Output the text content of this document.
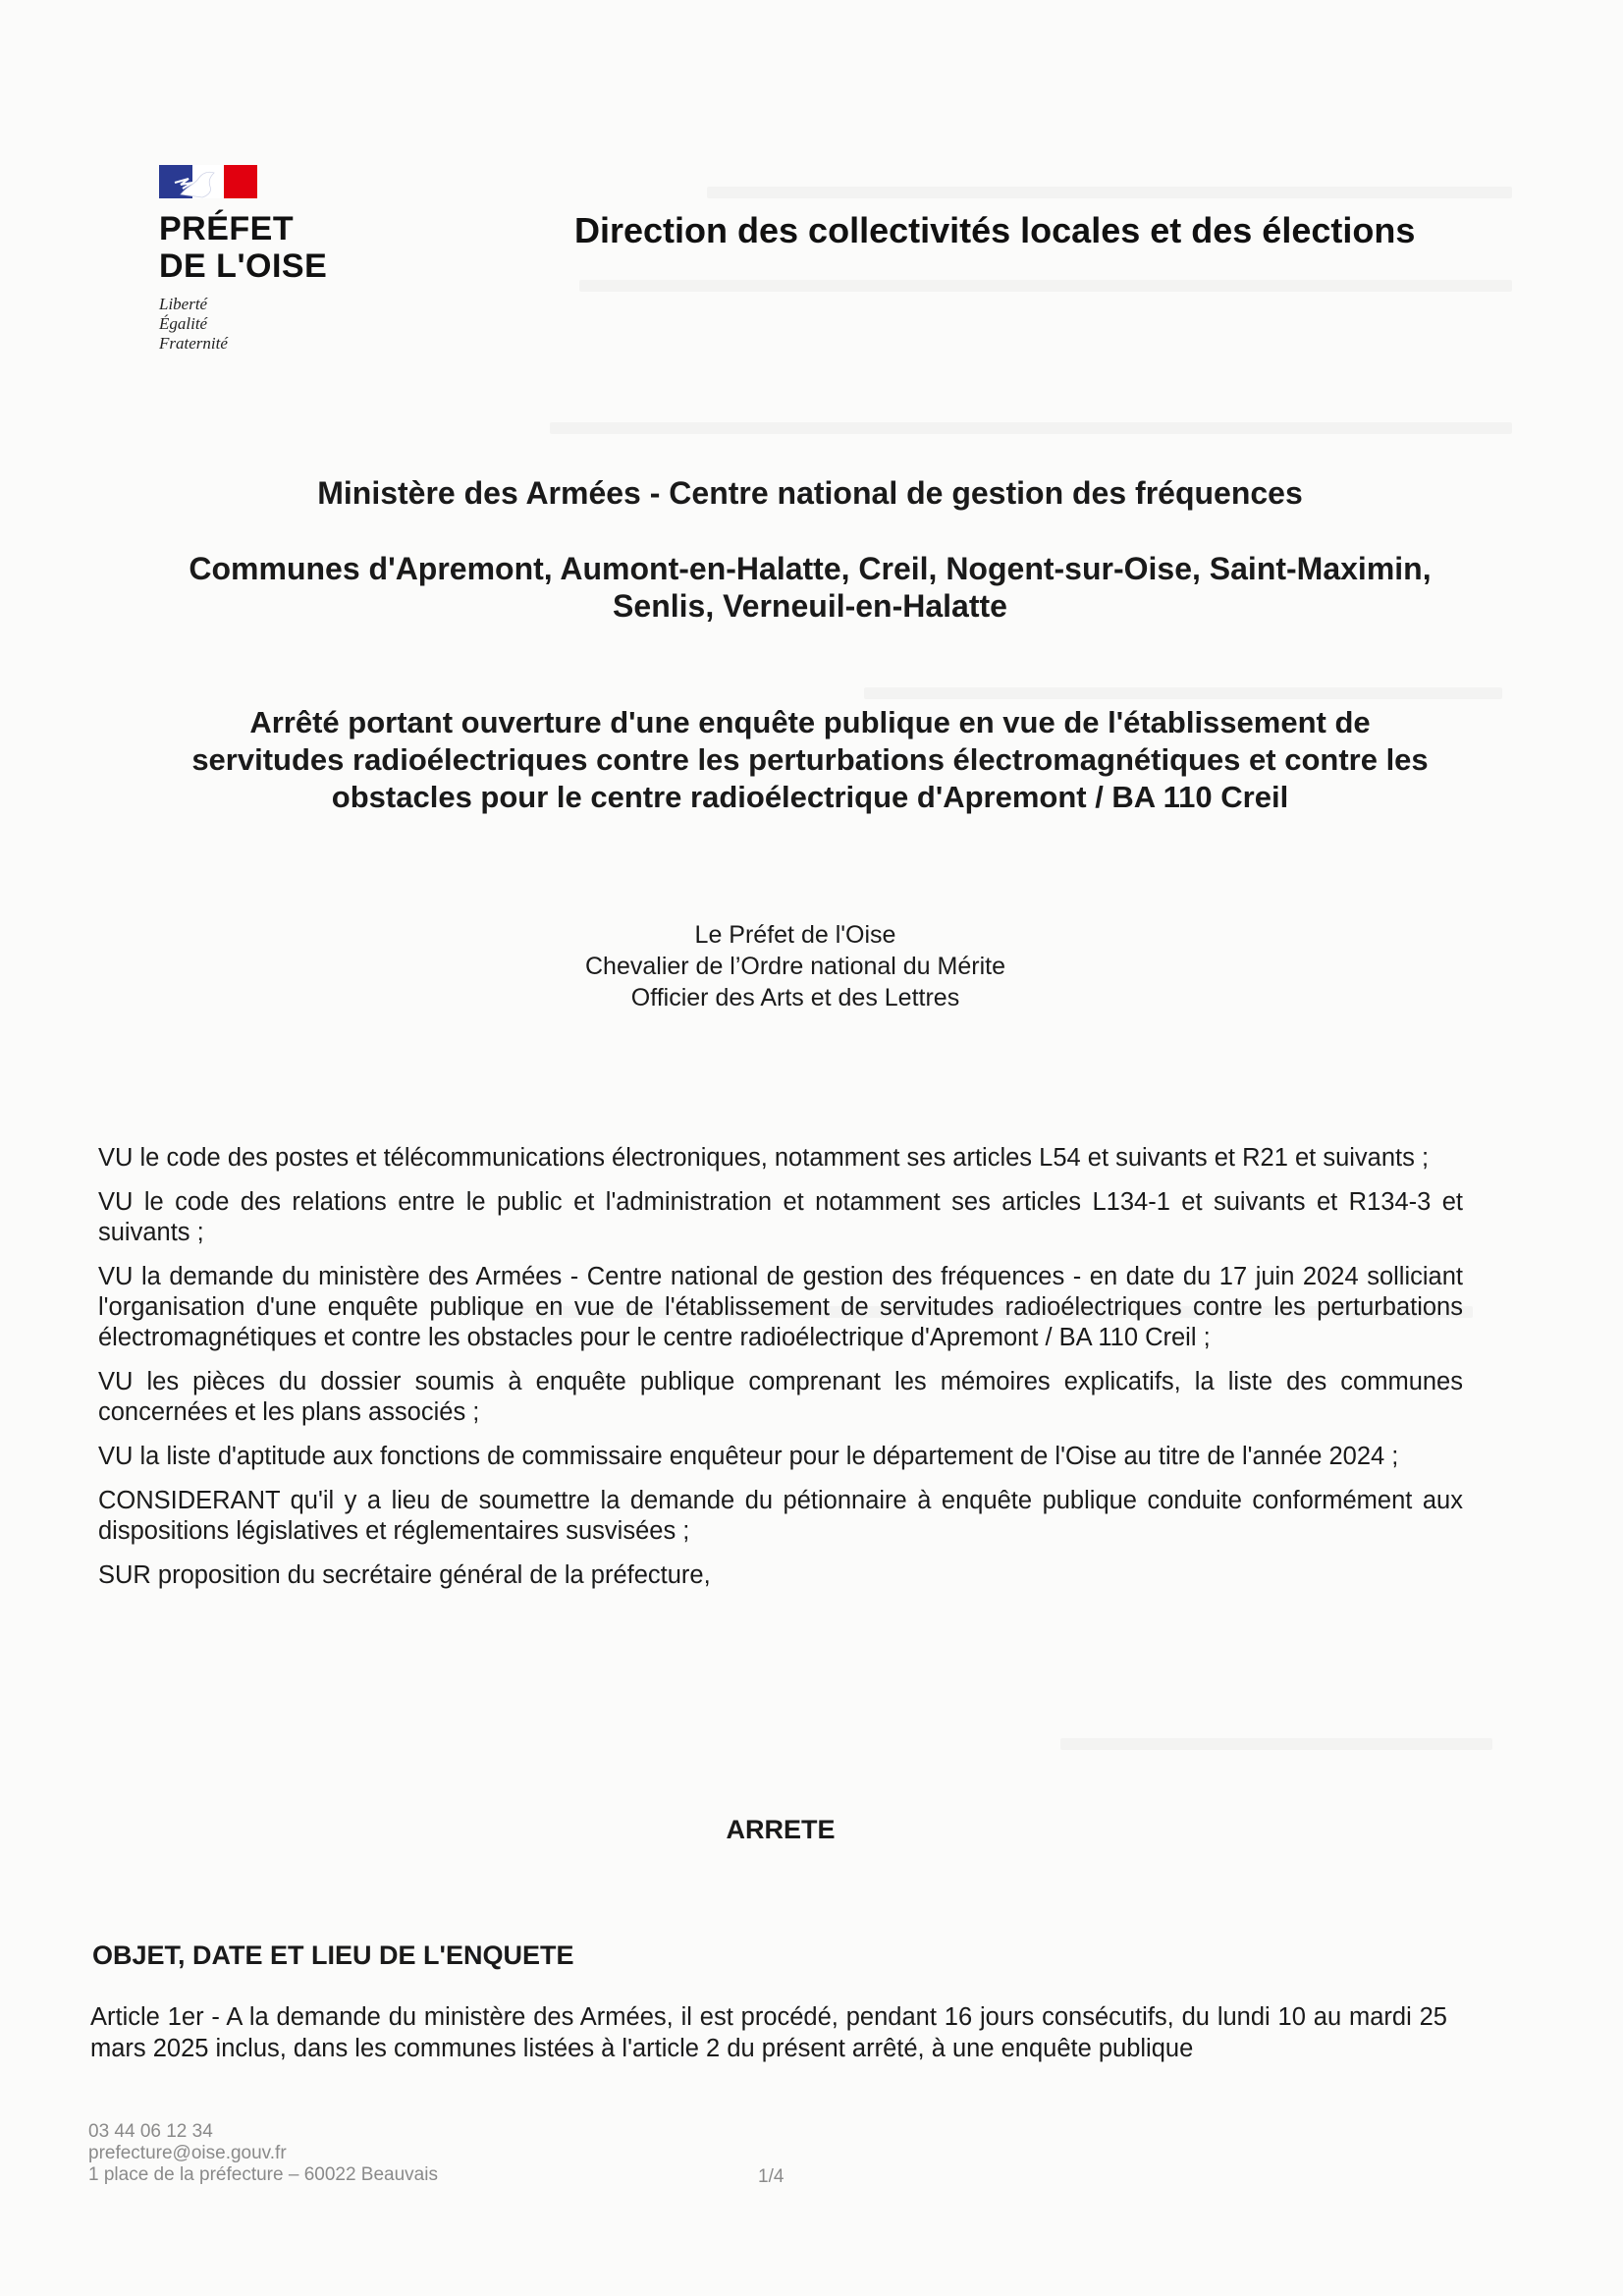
PRÉFET
DE L'OISE
Liberté
Égalité
Fraternité
Direction des collectivités locales et des élections
Ministère des Armées - Centre national de gestion des fréquences
Communes d'Apremont, Aumont-en-Halatte, Creil, Nogent-sur-Oise, Saint-Maximin,
Senlis, Verneuil-en-Halatte
Arrêté portant ouverture d'une enquête publique en vue de l'établissement de
servitudes radioélectriques contre les perturbations électromagnétiques et contre les
obstacles pour le centre radioélectrique d'Apremont / BA 110 Creil
Le Préfet de l'Oise
Chevalier de l’Ordre national du Mérite
Officier des Arts et des Lettres

VU le code des postes et télécommunications électroniques, notamment ses articles L54 et suivants et R21 et suivants ;

VU le code des relations entre le public et l'administration et notamment ses articles L134-1 et suivants et R134-3 et suivants ;

VU la demande du ministère des Armées - Centre national de gestion des fréquences - en date du 17 juin 2024 solliciant l'organisation d'une enquête publique en vue de l'établissement de servitudes radioélectriques contre les perturbations électromagnétiques et contre les obstacles pour le centre radioélectrique d'Apremont / BA 110 Creil ;

VU les pièces du dossier soumis à enquête publique comprenant les mémoires explicatifs, la liste des communes concernées et les plans associés ;

VU la liste d'aptitude aux fonctions de commissaire enquêteur pour le département de l'Oise au titre de l'année 2024 ;

CONSIDERANT qu'il y a lieu de soumettre la demande du pétionnaire à enquête publique conduite conformément aux dispositions législatives et réglementaires susvisées ;

SUR proposition du secrétaire général de la préfecture,

ARRETE
OBJET, DATE ET LIEU DE L'ENQUETE
Article 1er - A la demande du ministère des Armées, il est procédé, pendant 16 jours consécutifs, du lundi 10 au mardi 25 mars 2025 inclus, dans les communes listées à l'article 2 du présent arrêté, à une enquête publique
03 44 06 12 34
prefecture@oise.gouv.fr
1 place de la préfecture – 60022 Beauvais	1/4
